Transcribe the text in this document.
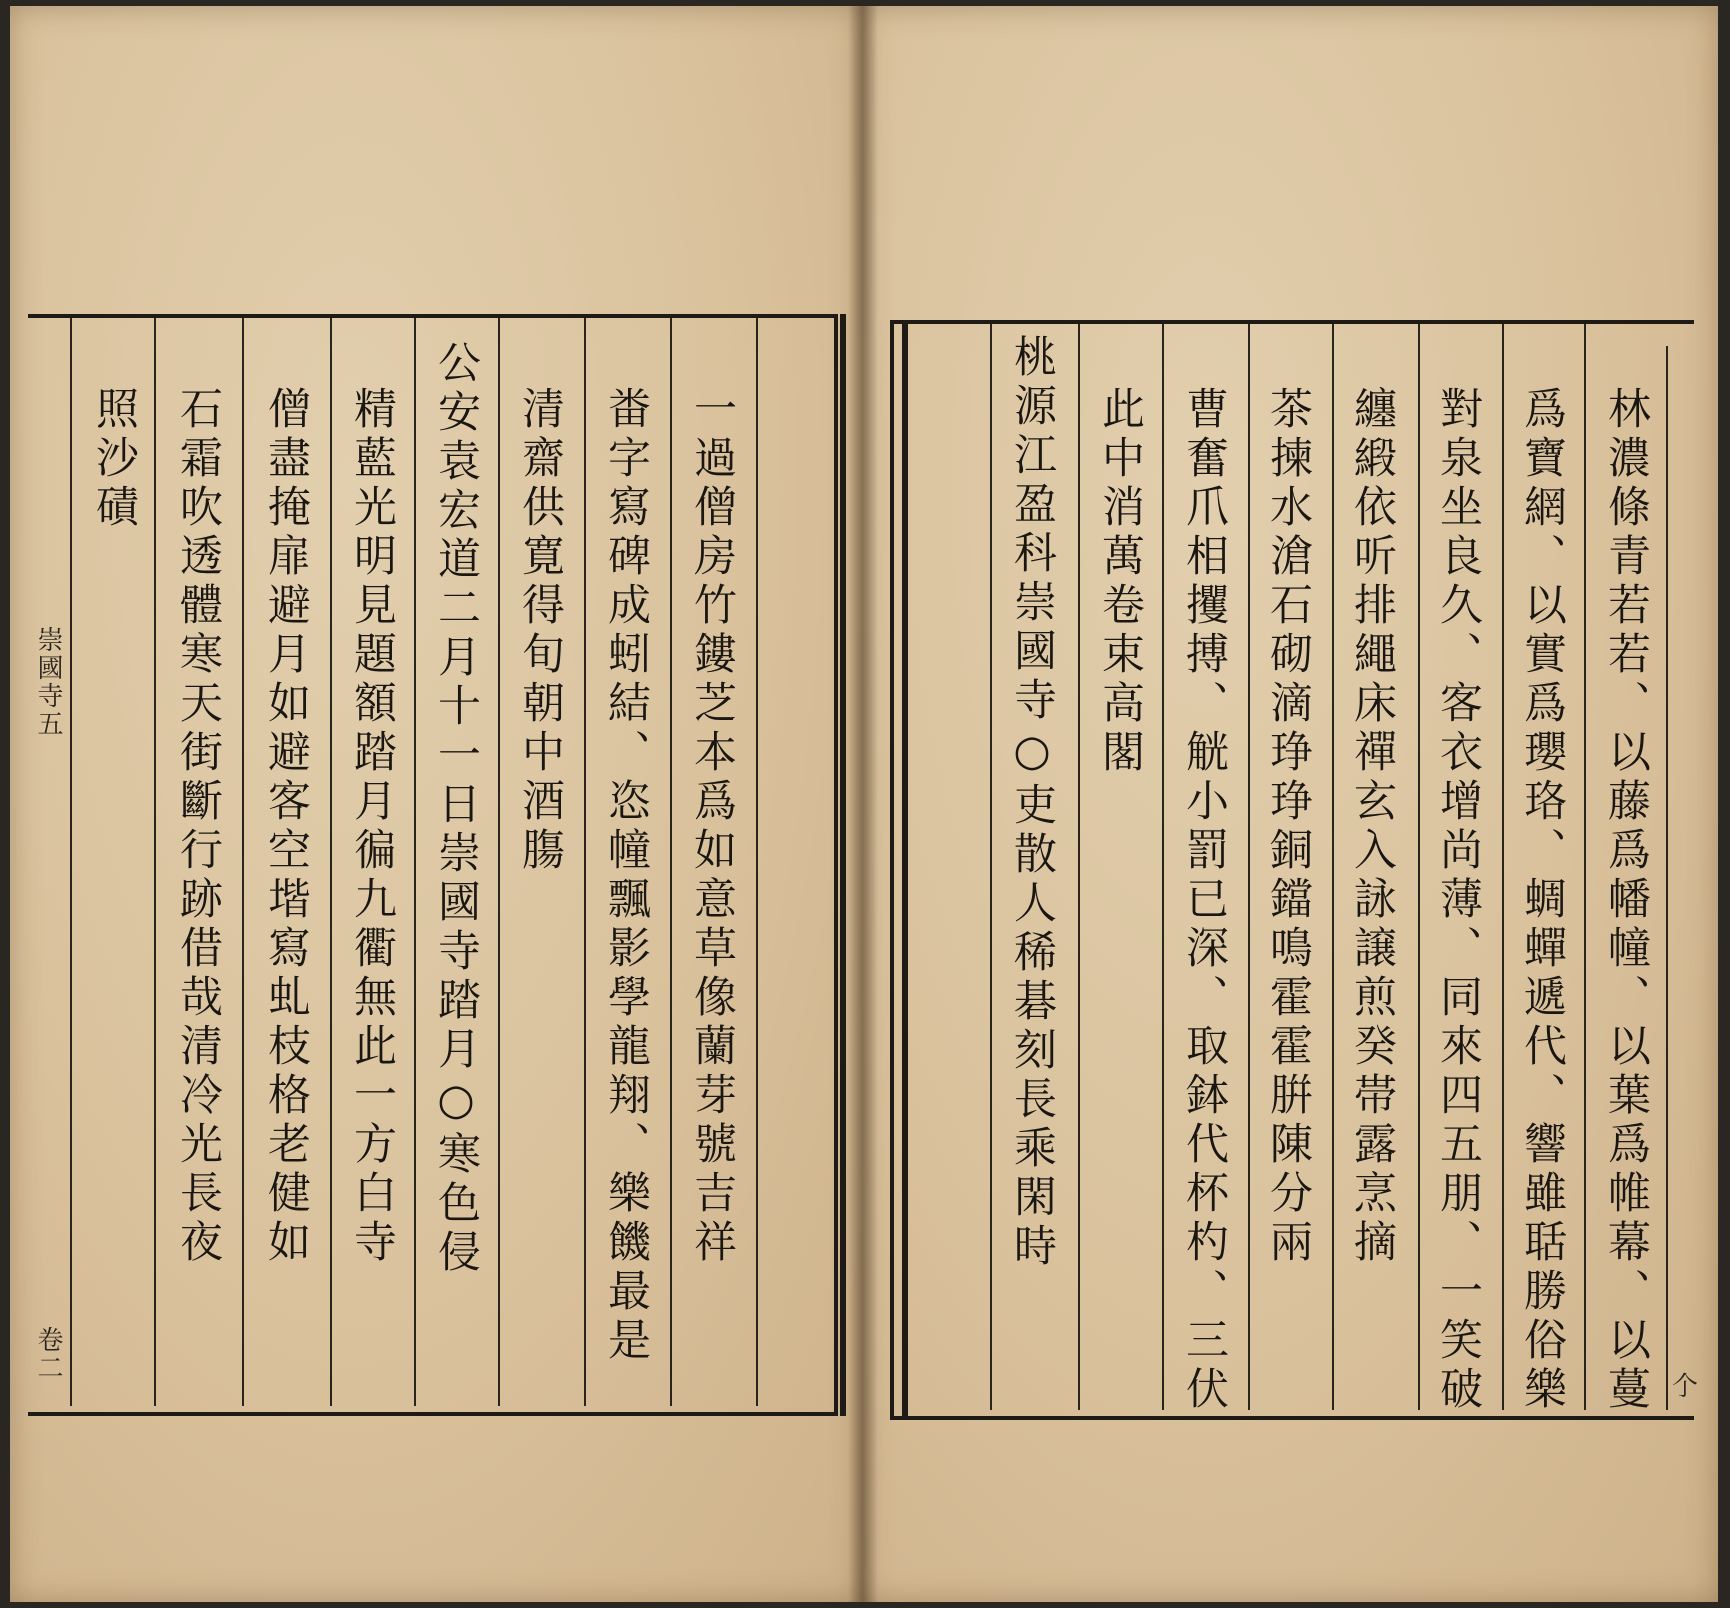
一過僧房竹鏤芝本爲如意草像蘭芽號吉祥
畨字寫碑成蚓結、恣幢飄影學龍翔、樂饑最是
清齋供寛得旬朝中酒膓
公安袁宏道二月十一日崇國寺踏月○寒色侵
精藍光明見題額踏月徧九衢無此一方白寺
僧盡掩扉避月如避客空堦寫虬枝格老健如
石霜吹透體寒天街斷行跡借哉清冷光長夜
照沙磧
崇國寺五
卷二	林濃條青若若、以藤爲幡幢、以葉爲帷幕、以蔓
爲寶網、以實爲瓔珞、蜩蟬遞代、響雖聒勝俗樂
對泉坐良久、客衣增尚薄、同來四五朋、一笑破
纏緞依听排繩床禪玄入詠譲煎癸帯露烹摘
茶揀水滄石砌滴琤琤銅鐺鳴霍霍腁陳分兩
曹奮爪相攫搏、觥小罰已深、取鉢代杯杓、三伏
此中消萬卷束高閣
桃源江盈科崇國寺○吏散人稀碁刻長乘閑時
𠆤
